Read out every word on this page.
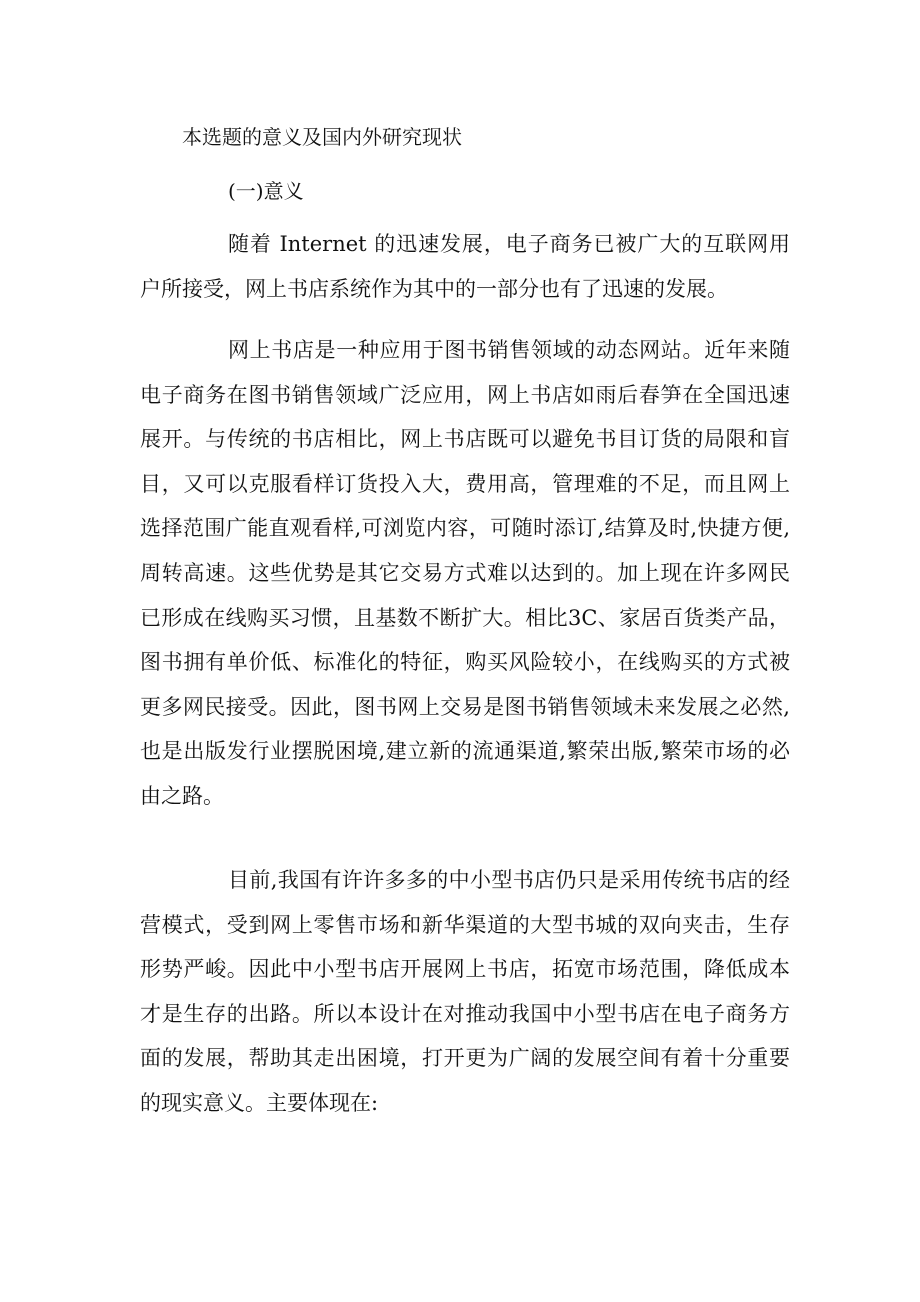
本选题的意义及国内外研究现状
(一)意义

随着 Internet 的迅速发展，电子商务已被广大的互联网用户所接受，网上书店系统作为其中的一部分也有了迅速的发展。

网上书店是一种应用于图书销售领域的动态网站。近年来随电子商务在图书销售领域广泛应用，网上书店如雨后春笋在全国迅速展开。与传统的书店相比，网上书店既可以避免书目订货的局限和盲目，又可以克服看样订货投入大，费用高，管理难的不足，而且网上选择范围广能直观看样,可浏览内容，可随时添订,结算及时,快捷方便,周转高速。这些优势是其它交易方式难以达到的。加上现在许多网民已形成在线购买习惯，且基数不断扩大。相比3C、家居百货类产品，图书拥有单价低、标准化的特征，购买风险较小，在线购买的方式被更多网民接受。因此，图书网上交易是图书销售领域未来发展之必然,也是出版发行业摆脱困境,建立新的流通渠道,繁荣出版,繁荣市场的必由之路。

目前,我国有许许多多的中小型书店仍只是采用传统书店的经营模式，受到网上零售市场和新华渠道的大型书城的双向夹击，生存形势严峻。因此中小型书店开展网上书店，拓宽市场范围，降低成本才是生存的出路。所以本设计在对推动我国中小型书店在电子商务方面的发展，帮助其走出困境，打开更为广阔的发展空间有着十分重要的现实意义。主要体现在:
